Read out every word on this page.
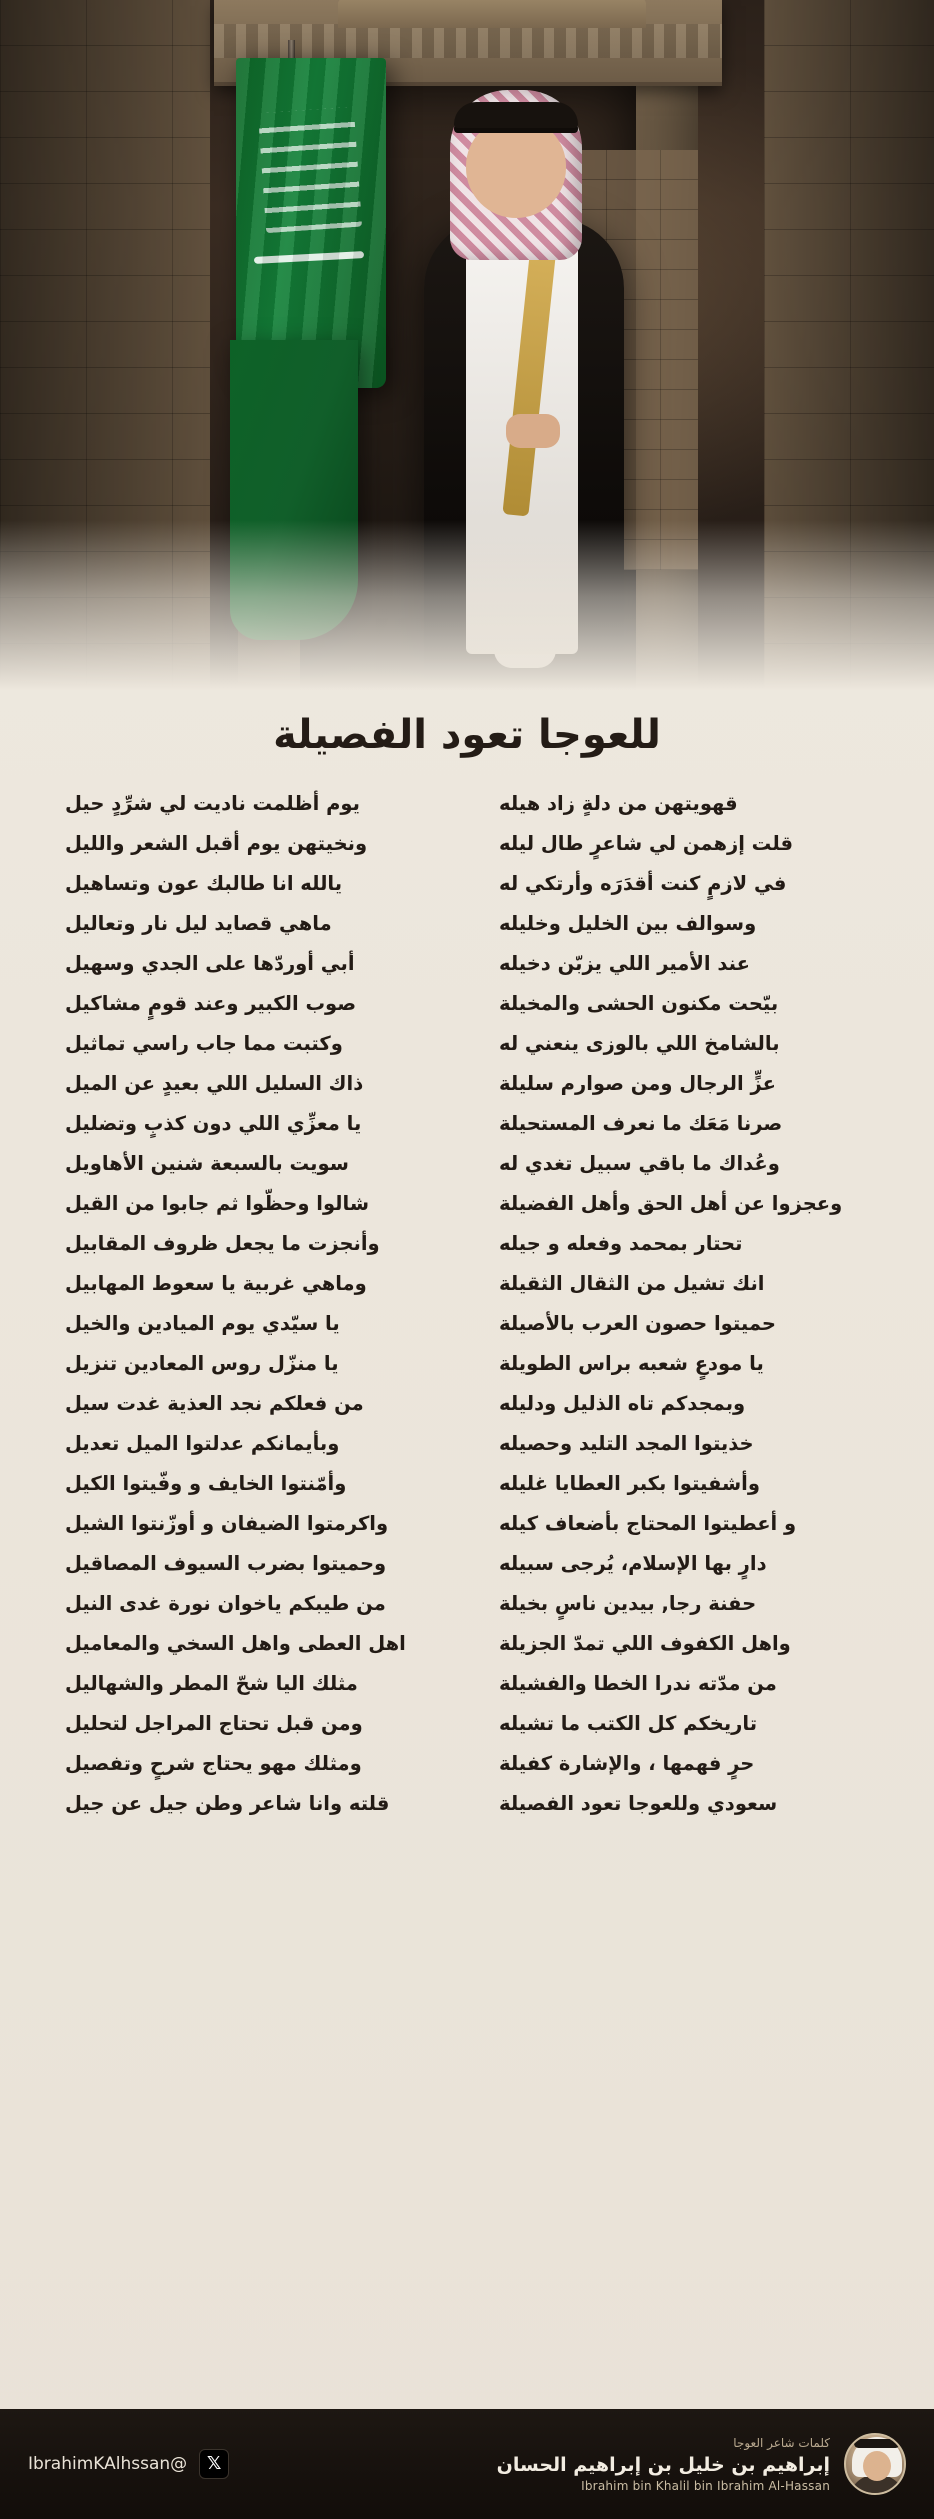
للعوجا تعود الفصيلة
قهويتهن من دلةٍ زاد هيله
قلت إزهمن لي شاعرٍ طال ليله
في لازمٍ كنت أقدَرَه وأرتكي له
وسوالف بين الخليل وخليله
عند الأمير اللي يزبّن دخيله
بيّحت مكنون الحشى والمخيلة
بالشامخ اللي بالوزى ينعني له
عزٍّ الرجال ومن صوارم سليلة
صرنا مَعَك ما نعرف المستحيلة
وعُداك ما باقي سبيل تغدي له
وعجزوا عن أهل الحق وأهل الفضيلة
تحتار بمحمد وفعله و جيله
انك تشيل من الثقال الثقيلة
حميتوا حصون العرب بالأصيلة
يا مودعٍ شعبه براس الطويلة
وبمجدكم تاه الذليل ودليله
خذيتوا المجد التليد وحصيله
وأشفيتوا بكبر العطايا غليله
و أعطيتوا المحتاج بأضعاف كيله
دارٍ بها الإسلام، يُرجى سبيله
حفنة رجا, بيدين ناسٍ بخيلة
واهل الكفوف اللي تمدّ الجزيلة
من مدّته ندرا الخطا والفشيلة
تاريخكم كل الكتب ما تشيله
حرٍ فهمها ، والإشارة كفيلة
سعودي وللعوجا تعود الفصيلة
يوم أظلمت ناديت لي شرِّدٍ حيل
ونخيتهن يوم أقبل الشعر والليل
يالله انا طالبك عون وتساهيل
ماهي قصايد ليل نار وتعالیل
أبي أوردّها على الجدي وسهيل
صوب الكبير وعند قومٍ مشاكيل
وكتبت مما جاب راسي تماثيل
ذاك السليل اللي بعيدٍ عن الميل
يا معزِّي اللي دون كذبٍ وتضليل
سويت بالسبعة شنين الأهاويل
شالوا وحظّوا ثم جابوا من القيل
وأنجزت ما يجعل ظروف المقابيل
وماهي غربية يا سعوط المهابيل
يا سيّدي يوم الميادين والخيل
يا منزّل روس المعادين تنزيل
من فعلكم نجد العذية غدت سيل
وبأيمانكم عدلتوا الميل تعديل
وأمّنتوا الخايف و وفّيتوا الكيل
واكرمتوا الضيفان و أوزّنتوا الشيل
وحميتوا بضرب السيوف المصاقيل
من طيبكم ياخوان نورة غدى النيل
اهل العطى واهل السخي والمعاميل
مثلك اليا شحّ المطر والشهاليل
ومن قبل تحتاج المراجل لتحليل
ومثلك مهو يحتاج شرحٍ وتفصيل
قلته وانا شاعر وطن جيل عن جيل
كلمات شاعر العوجا
إبراهيم بن خليل بن إبراهيم الحسان
Ibrahim bin Khalil bin Ibrahim Al-Hassan
𝕏
@IbrahimKAlhssan
